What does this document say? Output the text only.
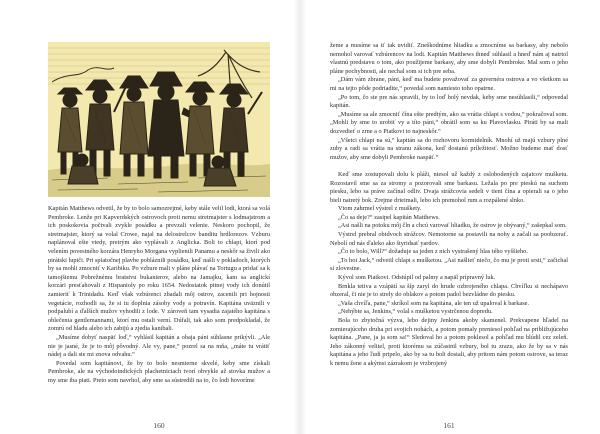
Kapitán Matthews odvetil, že by to bolo samozrejmé, keby stále velil lodi, ktorá sa volá Pembroke. Lenže pri Kapverdských ostrovoch proti nemu stretmajster s lodmajstrom a ich poskokovia počtvali zvykle posádku a prevzali velenie. Neskoro pochopil, že stretmajster, ktorý sa volal Crowe, najal na delostrelcov banditu hrdlorezov. Vzburu naplánoval ešte vtedy, pretrým ako vyplávali z Anglicka. Boli to chlapi, ktorí pod velením povestného korzára Henryho Morgana vyplienili Panamu a neskôr sa živili ako pirátski lupiči. Pri spiatočnej plavbe pobláznili posádku, keď našli v pokladoch, ktorých by sa mohli zmocniť v Karibiku. Po vzbure mali v pláne plávať na Tortugu a pridať sa k tamojšiemu Pobrežnému bratstvu bukanierov, alebo na Jamajku, kam sa anglickí korzári presťahovali z Hispanioly po roku 1654. Nedostatok pitnej vody ich donútil zamieriť k Trinidadu. Keď však vzbúrenci zbadali môj ostrov, zacenili pri hojnosti vegetácie, rozhodli sa, že si tu doplnia zásoby vody a potravín. Kapitána uväznili v podpalubí a ďalších mužov vyhodili z lode. V zároveň tam vysadia zajatého kapitána s oblečenia gentlemannami, ktorí mu ostali verní. Dúfali, tak ako som predpokladal, že zomrú od hladu alebo ich zabijú a zjedia kanibali.

„Musíme dobyť naspäť loď,“ vyhlásil kapitán a obaja páni súhlasne prikývli. „Ale nie je jasné, že je to môj pôvodný. Ale vy, pane,“ pozrel sa na mňa, „máte tu vrátiť nádej a dali ste mi znova odvahu.“

Povedal som kapitánovi, že by to bolo nesmierne skvelé, keby sme získali Pembroke, ale na východoindických plachetniciach tvorí obvykle až stovka mužov a my sme iba piati. Preto som navrhol, aby sme sa sústredili na to, čo lodi hovoríme

160

žeme a musíme sa iť tak uvidiť. Zneškodníme hliadku a zmocníme sa barkasy, aby nebolo nemohol varovať vzbúrencov na lodi. Kapitán Matthews ihneď súhlasil a hneď nám aj natrtol vlastnú predstavu o tom, ako použijeme barkasy, aby sme dobyli Pembroke. Mal som o jeho pláne pochybnosti, ale nechal som si ich pre seba.

„Dám vám zbrane, páni, keď ma budete považovať za guvernéra ostrova a vo všetkom sa mi na tejto pôde podriadite,“ povedal som namiesto toho opatrne.

„Po tom, čo ste pre nás spravili, by to loď bolý nevdak, keby sme nesúhlasili,“ odpovedal kapitán.

„Musíme sa ale zmocniť čína ešte predtým, ako sa vrátia chlapi s vodou,“ pokračoval som. „Mohli by sme to urobiť vy a títo páni,“ obrátil som sa ku Plavovlasku. Piráti by sa mali dozvedieť o zrne a o Piatkovi to najneskôr.“

„Všetci chlapi na sú,“ kapitán sa do rozhovoru kormidelník. Mnohí už majú vzbury plné zuby a radi sa vrátia na stranu zákona, keď dostanú príležitosť. Možno budeme mať dosť mužov, aby sme dobyli Pembroke naspäť.“

Keď sme zostupovali dolu k pláži, niesol už každý z oslobodených zajatcov mušketu. Rozostavil sme sa za stromy a pozorovali sme barkasu. Ležala po pre pieskú na suchom piesku, lebo sa práve začínal odliv. Dvaja strážcovia sedeli v tieni čína a opierali sa o jeho bieli natretý bok. Zrejme drieimali, lebo ich premohol rum a rozpálené slnko.

Vtom zahrmel výstrel z mušketу.

„Čo sa deje?“ zasipel kapitán Matthews.

„Asi našli na potoku môj čln a chcú varovať hliadku, že ostrov je obývaný,“ zašepkal som.

Výstrel prebral obidvoch strážcov. Nemotorne sa postavili na nohy a začali sa poobzerať. Nebolí od nás ďaleko ako štyridsať yardov.

„Čo to bolo, Will?“ dožaduje sa jeden z nich vystrašený hlas tého vyššieho.

„To hoi Jack,“ odvetil chlapi s mušketou. „Asi našlieť niečo, čo mu je proti srsti,“ začichal si zlovestne.

Kývol som Piatkovi. Odstúpil od palmy a napäl prípravný luk.

Brnkla tetiva a vzápätí sa šíp zaryl do hrude ozbrojeného chlapa. Chvíľku si nechápavo obzeral, či nie je to strely do oblakov a potom padol bezvládne do piesku.

„Vaša chvíľa, pane,“ skríkol som na kapitána, ale ten už upaloval k barkase.

„Nehýbte sa, Jenkins,“ volal s mušketou vystrčenou dopredu.

Bola to zbytočná výzva, lebo dejiny Jenkins akoby skamenel. Prekvapene hľadel na zomierajúceho druha pri svojich nohách, a potom pomaly preniesol pohľad na približujúceho kapitána. „Pane, ja ja som sa!“ Sledoval ho a potom poklesol a pohľad mu blúdil cez zeleň. Jeho zákonný velitel, proti ktorému sa zúčastnil vzbury, bol tu zrazu, ako že by sa v nás kapitána a jeho ľudí pripelo, ako by sa tu boli dostali, aby pritom nám potom ostrove, sa teraz k nemu žene a akýmsi zázrakom je vrzbrojený

161
